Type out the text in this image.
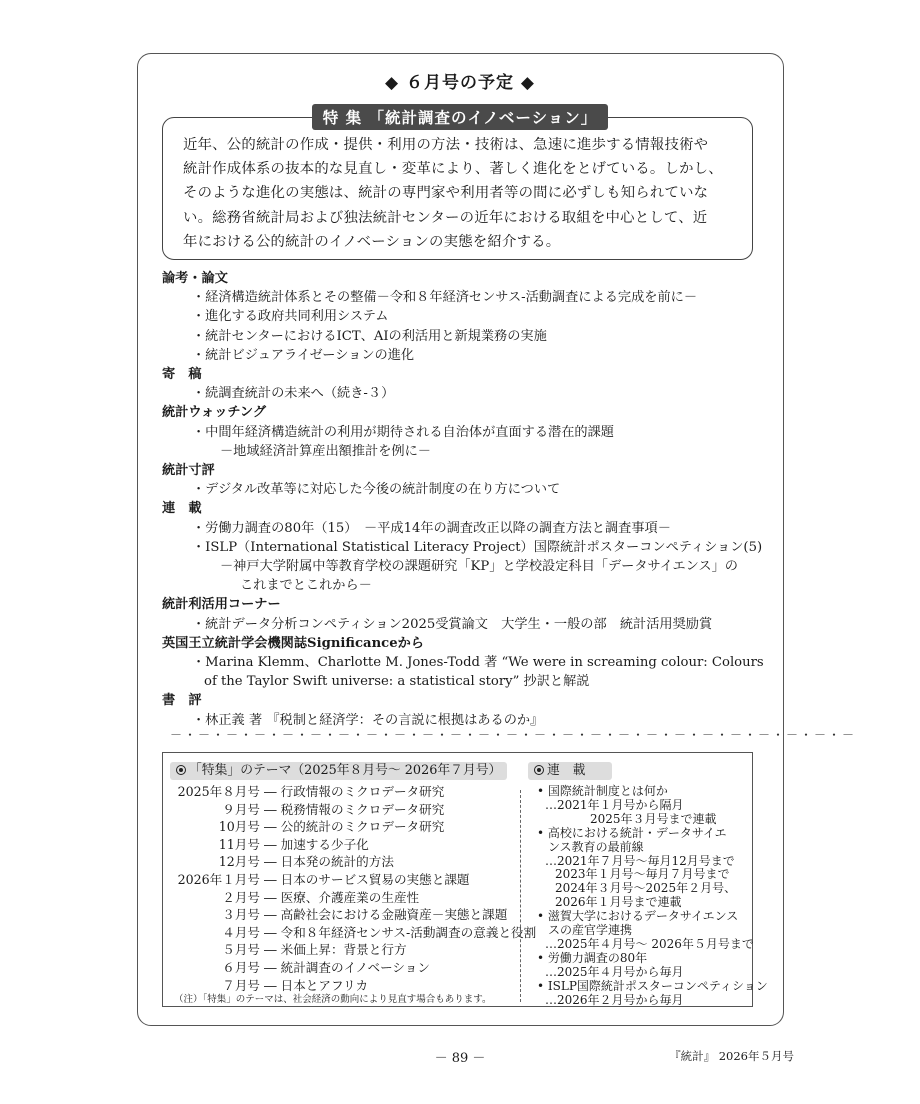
◆ ６月号の予定 ◆
特 集 「統計調査のイノベーション」
近年、公的統計の作成・提供・利用の方法・技術は、急速に進歩する情報技術や
統計作成体系の抜本的な見直し・変革により、著しく進化をとげている。しかし、
そのような進化の実態は、統計の専門家や利用者等の間に必ずしも知られていな
い。総務省統計局および独法統計センターの近年における取組を中心として、近
年における公的統計のイノベーションの実態を紹介する。
論考・論文
・経済構造統計体系とその整備－令和８年経済センサス‐活動調査による完成を前に－
・進化する政府共同利用システム
・統計センターにおけるICT、AIの利活用と新規業務の実施
・統計ビジュアライゼーションの進化
寄　稿
・続調査統計の未来へ（続き‐３）
統計ウォッチング
・中間年経済構造統計の利用が期待される自治体が直面する潜在的課題
－地域経済計算産出額推計を例に－
統計寸評
・デジタル改革等に対応した今後の統計制度の在り方について
連　載
・労働力調査の80年（15）　－平成14年の調査改正以降の調査方法と調査事項－
・ISLP（International Statistical Literacy Project）国際統計ポスターコンペティション(5)
－神戸大学附属中等教育学校の課題研究「KP」と学校設定科目「データサイエンス」の
これまでとこれから－
統計利活用コーナー
・統計データ分析コンペティション2025受賞論文　大学生・一般の部　統計活用奨励賞
英国王立統計学会機関誌Significanceから
・Marina Klemm、Charlotte M. Jones-Todd 著 “We were in screaming colour: Colours
of the Taylor Swift universe: a statistical story” 抄訳と解説
書　評
・林正義 著 『税制と経済学：その言説に根拠はあるのか』
－・－・－・－・－・－・－・－・－・－・－・－・－・－・－・－・－・－・－・－・－・－・－・－・－
「特集」のテーマ（2025年８月号～ 2026年７月号）
2025年８月号 ― 行政情報のミクロデータ研究
９月号 ― 税務情報のミクロデータ研究
10月号 ― 公的統計のミクロデータ研究
11月号 ― 加速する少子化
12月号 ― 日本発の統計的方法
2026年１月号 ― 日本のサービス貿易の実態と課題
２月号 ― 医療、介護産業の生産性
３月号 ― 高齢社会における金融資産－実態と課題
４月号 ― 令和８年経済センサス‐活動調査の意義と役割
５月号 ― 米価上昇：背景と行方
６月号 ― 統計調査のイノベーション
７月号 ― 日本とアフリカ
（注）「特集」のテーマは、社会経済の動向により見直す場合もあります。
連　載
• 国際統計制度とは何か
…2021年１月号から隔月
2025年３月号まで連載
• 高校における統計・データサイエ
ンス教育の最前線
…2021年７月号～毎月12月号まで
2023年１月号～毎月７月号まで
2024年３月号～2025年２月号、
2026年１月号まで連載
• 滋賀大学におけるデータサイエンス
スの産官学連携
…2025年４月号～ 2026年５月号まで
• 労働力調査の80年
…2025年４月号から毎月
• ISLP国際統計ポスターコンペティション
…2026年２月号から毎月
－ 89 －	『統計』 2026年５月号
